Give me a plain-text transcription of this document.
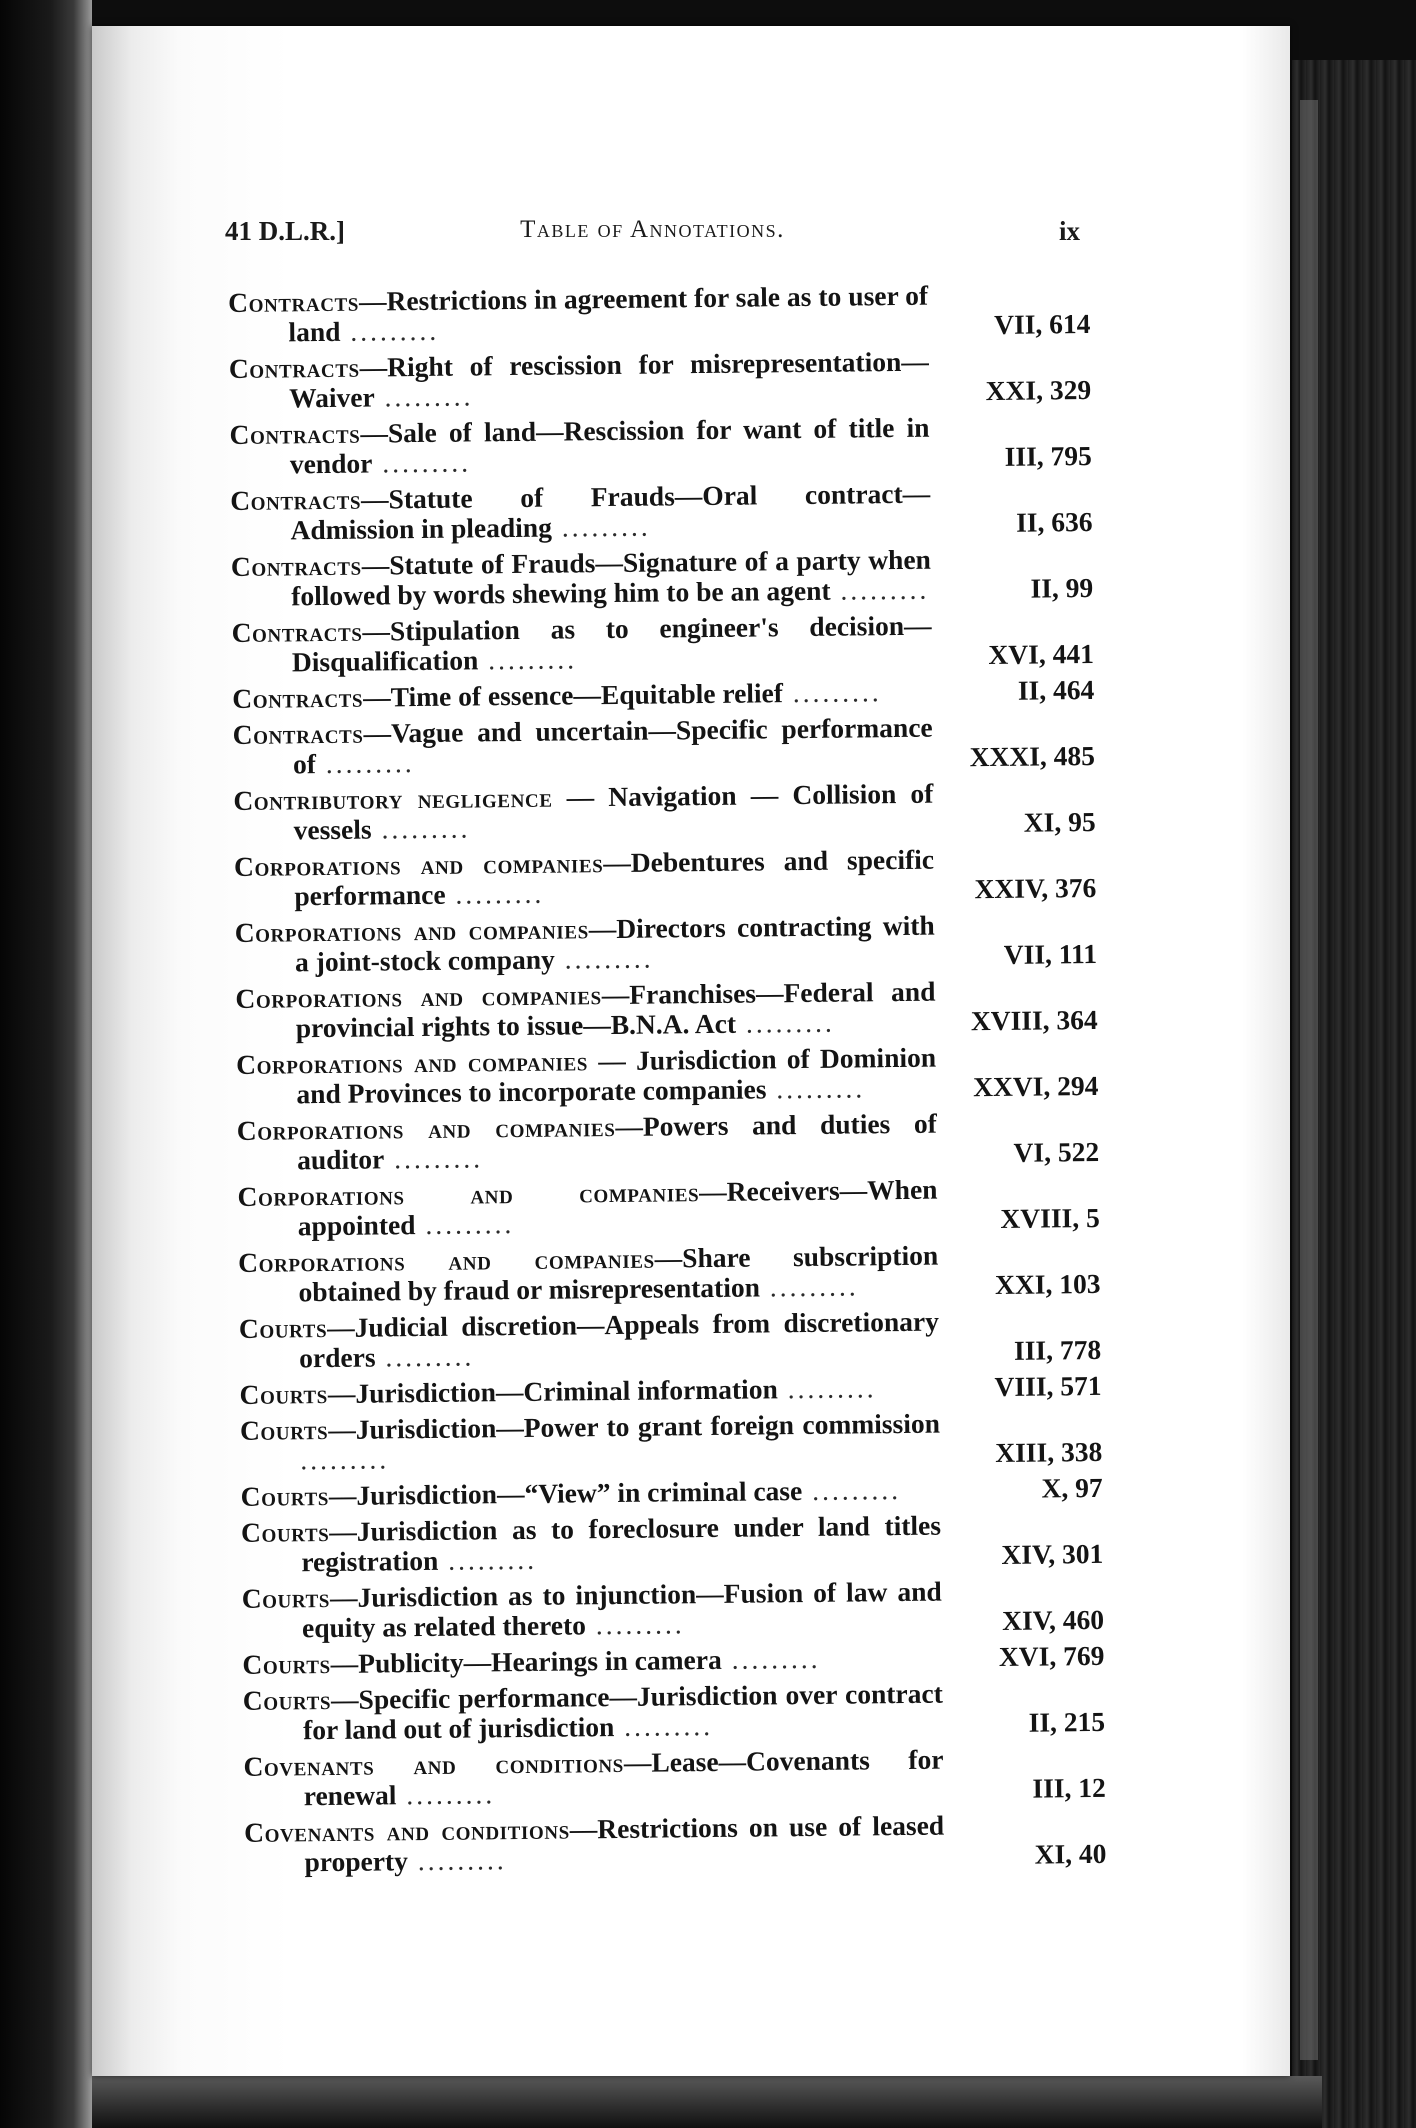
41 D.L.R.]	Table of Annotations.	ix
Contracts—Restrictions in agreement for sale as to user of land .........	VII, 614
Contracts—Right of rescission for misrepresentation—Waiver .........	XXI, 329
Contracts—Sale of land—Rescission for want of title in vendor .........	III, 795
Contracts—Statute of Frauds—Oral contract—Admission in pleading .........	II, 636
Contracts—Statute of Frauds—Signature of a party when followed by words shewing him to be an agent .........	II, 99
Contracts—Stipulation as to engineer's decision—Disqualification .........	XVI, 441
Contracts—Time of essence—Equitable relief .........	II, 464
Contracts—Vague and uncertain—Specific performance of .........	XXXI, 485
Contributory negligence — Navigation — Collision of vessels .........	XI, 95
Corporations and companies—Debentures and specific performance .........	XXIV, 376
Corporations and companies—Directors contracting with a joint-stock company .........	VII, 111
Corporations and companies—Franchises—Federal and provincial rights to issue—B.N.A. Act .........	XVIII, 364
Corporations and companies — Jurisdiction of Dominion and Provinces to incorporate companies .........	XXVI, 294
Corporations and companies—Powers and duties of auditor .........	VI, 522
Corporations and companies—Receivers—When appointed .........	XVIII, 5
Corporations and companies—Share subscription obtained by fraud or misrepresentation .........	XXI, 103
Courts—Judicial discretion—Appeals from discretionary orders .........	III, 778
Courts—Jurisdiction—Criminal information .........	VIII, 571
Courts—Jurisdiction—Power to grant foreign commission .........	XIII, 338
Courts—Jurisdiction—“View” in criminal case .........	X, 97
Courts—Jurisdiction as to foreclosure under land titles registration .........	XIV, 301
Courts—Jurisdiction as to injunction—Fusion of law and equity as related thereto .........	XIV, 460
Courts—Publicity—Hearings in camera .........	XVI, 769
Courts—Specific performance—Jurisdiction over contract for land out of jurisdiction .........	II, 215
Covenants and conditions—Lease—Covenants for renewal .........	III, 12
Covenants and conditions—Restrictions on use of leased property .........	XI, 40
